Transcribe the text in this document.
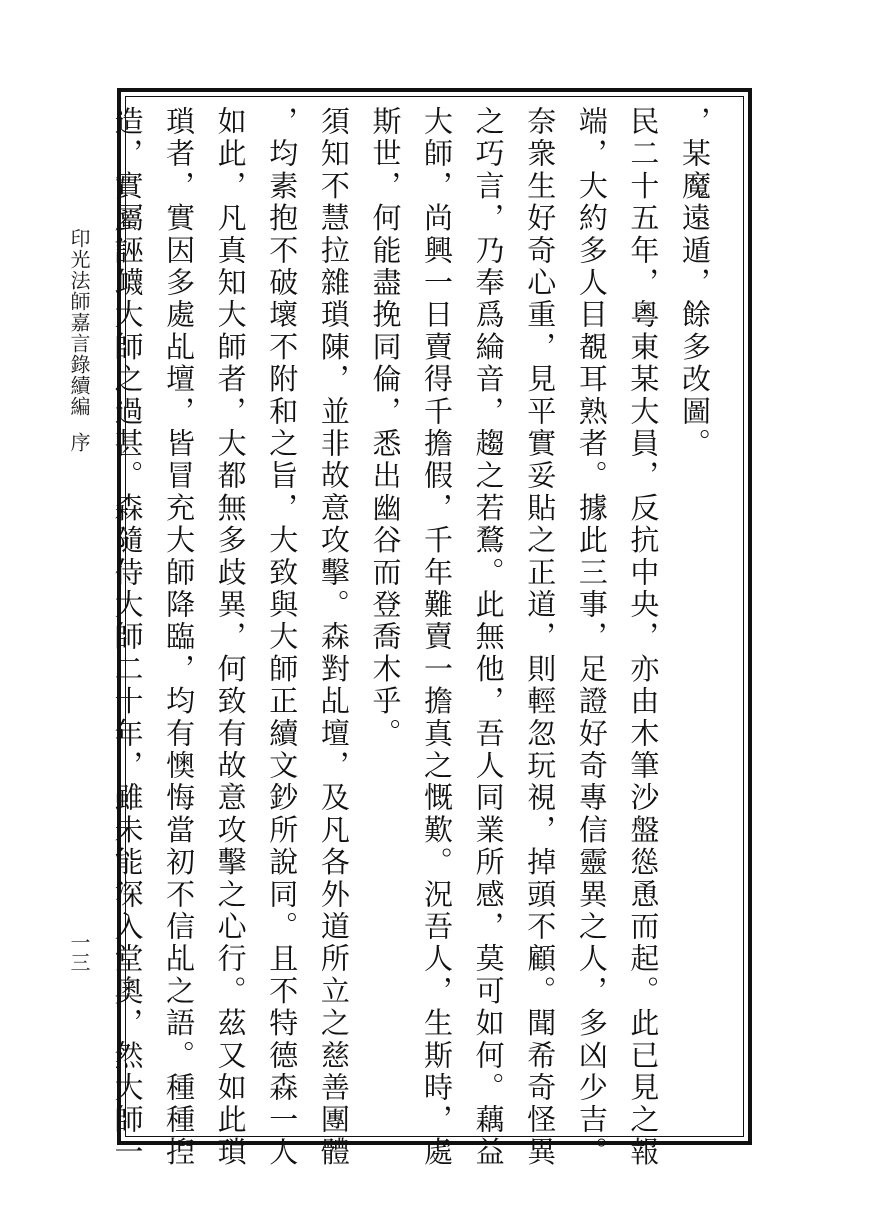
印光法師嘉言錄續編
序
一三
，某魔遠遁，餘多改圖。
民二十五年，粵東某大員，反抗中央，亦由木筆沙盤慫恿而起。此已見之報
端，大約多人目覩耳熟者。據此三事，足證好奇專信靈異之人，多凶少吉。
奈衆生好奇心重，見平實妥貼之正道，則輕忽玩視，掉頭不顧。聞希奇怪異
之巧言，乃奉爲綸音，趨之若鶩。此無他，吾人同業所感，莫可如何。藕益
大師，尚興一日賣得千擔假，千年難賣一擔真之慨歎。況吾人，生斯時，處
斯世，何能盡挽同倫，悉出幽谷而登喬木乎。
須知不慧拉雜瑣陳，並非故意攻擊。森對乩壇，及凡各外道所立之慈善團體
，均素抱不破壞不附和之旨，大致與大師正續文鈔所說同。且不特德森一人
如此，凡真知大師者，大都無多歧異，何致有故意攻擊之心行。茲又如此瑣
瑣者，實因多處乩壇，皆冒充大師降臨，均有懊悔當初不信乩之語。種種揑
造，實屬誣衊大師之過甚。森隨侍大師二十年，雖未能深入堂奧，然大師一
